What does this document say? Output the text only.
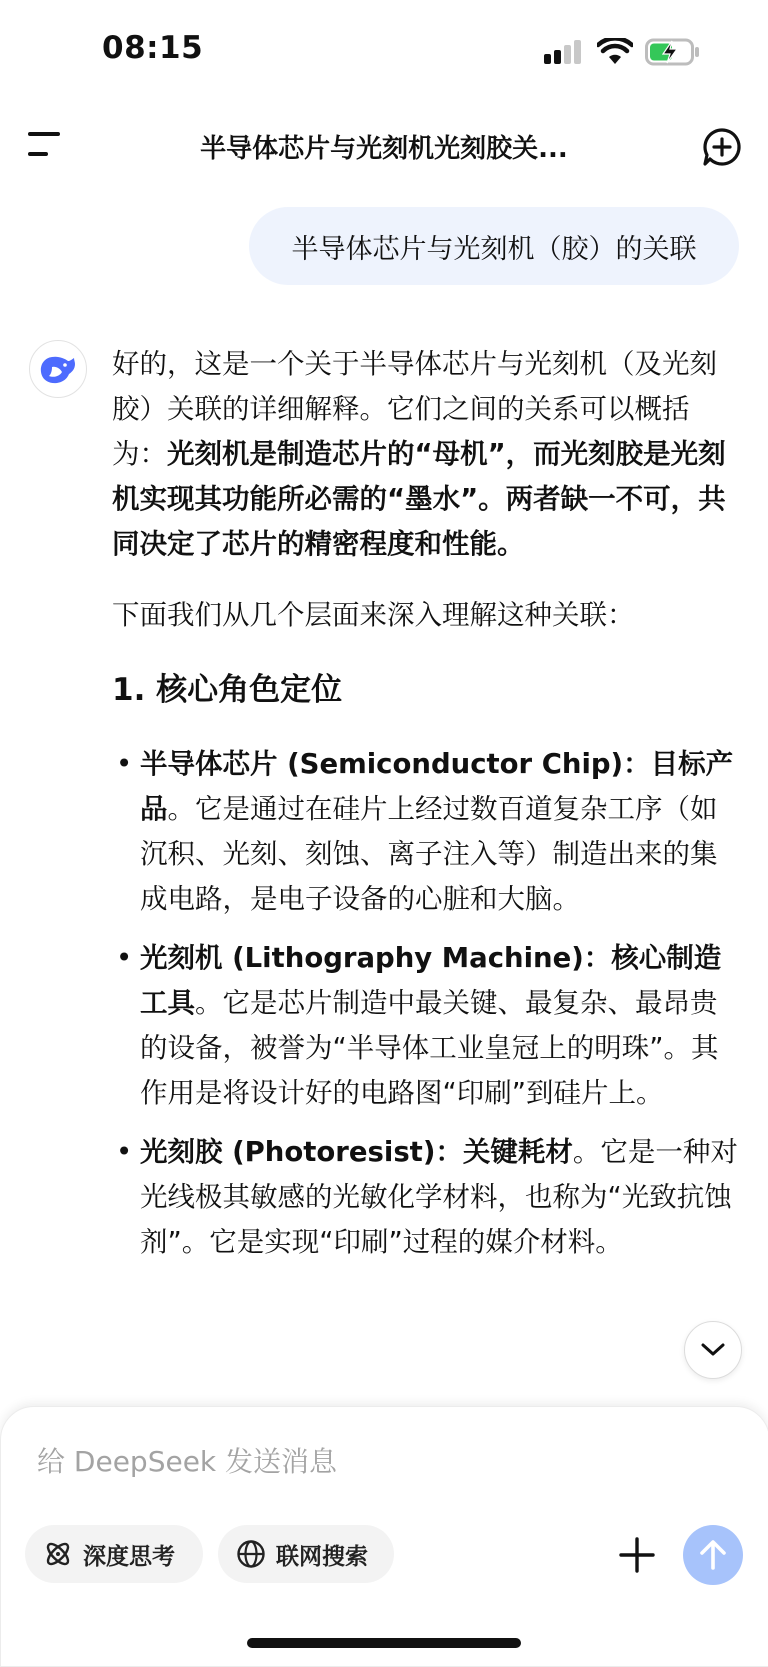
08:15
半导体芯片与光刻机光刻胶关...
半导体芯片与光刻机（胶）的关联

好的，这是一个关于半导体芯片与光刻机（及光刻胶）关联的详细解释。它们之间的关系可以概括为：光刻机是制造芯片的“母机”，而光刻胶是光刻机实现其功能所必需的“墨水”。两者缺一不可，共同决定了芯片的精密程度和性能。

下面我们从几个层面来深入理解这种关联：

1. 核心角色定位

• 半导体芯片 (Semiconductor Chip)：目标产品。它是通过在硅片上经过数百道复杂工序（如沉积、光刻、刻蚀、离子注入等）制造出来的集成电路，是电子设备的心脏和大脑。
• 光刻机 (Lithography Machine)：核心制造工具。它是芯片制造中最关键、最复杂、最昂贵的设备，被誉为“半导体工业皇冠上的明珠”。其作用是将设计好的电路图“印刷”到硅片上。
• 光刻胶 (Photoresist)：关键耗材。它是一种对光线极其敏感的光敏化学材料，也称为“光致抗蚀剂”。它是实现“印刷”过程的媒介材料。
给 DeepSeek 发送消息
深度思考	联网搜索
